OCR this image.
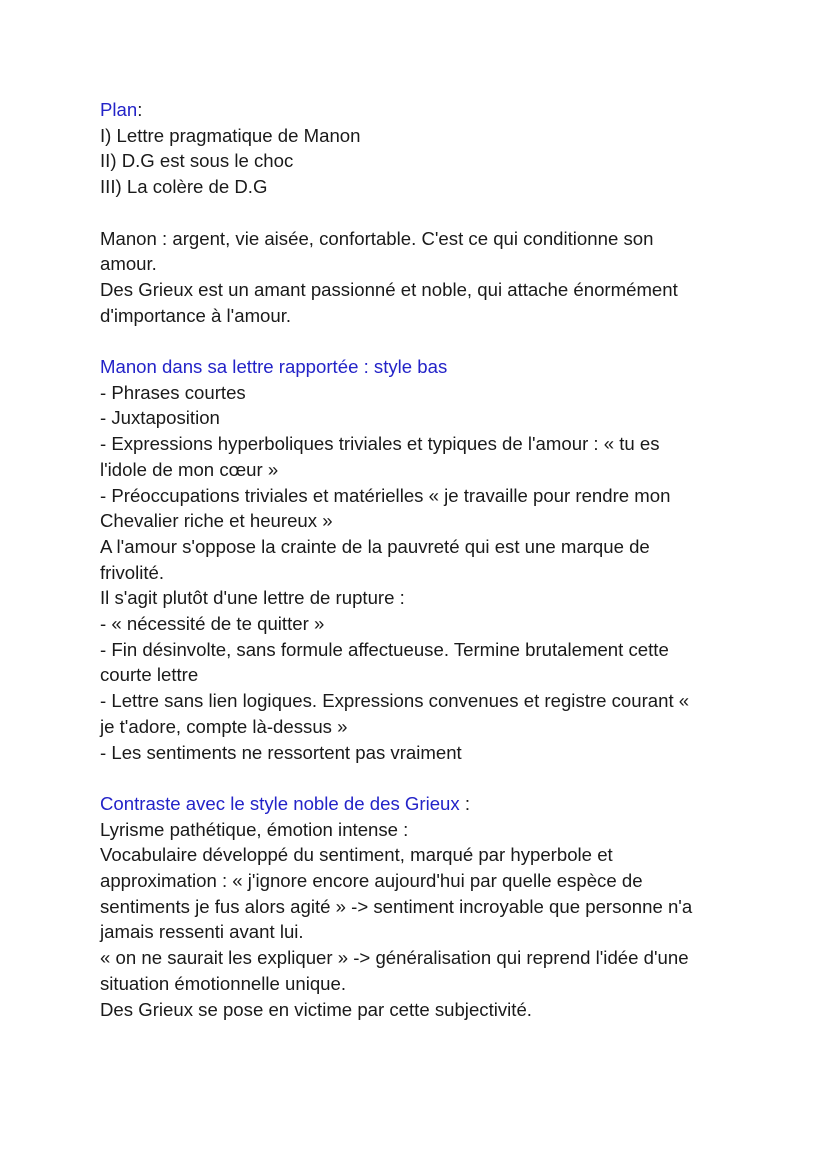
Plan:

I) Lettre pragmatique de Manon

II) D.G est sous le choc

III) La colère de D.G

Manon : argent, vie aisée, confortable. C'est ce qui conditionne son

amour.

Des Grieux est un amant passionné et noble, qui attache énormément

d'importance à l'amour.

Manon dans sa lettre rapportée : style bas

- Phrases courtes

- Juxtaposition

- Expressions hyperboliques triviales et typiques de l'amour : « tu es

l'idole de mon cœur »

- Préoccupations triviales et matérielles « je travaille pour rendre mon

Chevalier riche et heureux »

A l'amour s'oppose la crainte de la pauvreté qui est une marque de

frivolité.

Il s'agit plutôt d'une lettre de rupture :

- « nécessité de te quitter »

- Fin désinvolte, sans formule affectueuse. Termine brutalement cette

courte lettre

- Lettre sans lien logiques. Expressions convenues et registre courant «

je t'adore, compte là-dessus »

- Les sentiments ne ressortent pas vraiment

Contraste avec le style noble de des Grieux :

Lyrisme pathétique, émotion intense :

Vocabulaire développé du sentiment, marqué par hyperbole et

approximation : « j'ignore encore aujourd'hui par quelle espèce de

sentiments je fus alors agité » -> sentiment incroyable que personne n'a

jamais ressenti avant lui.

« on ne saurait les expliquer » -> généralisation qui reprend l'idée d'une

situation émotionnelle unique.

Des Grieux se pose en victime par cette subjectivité.
